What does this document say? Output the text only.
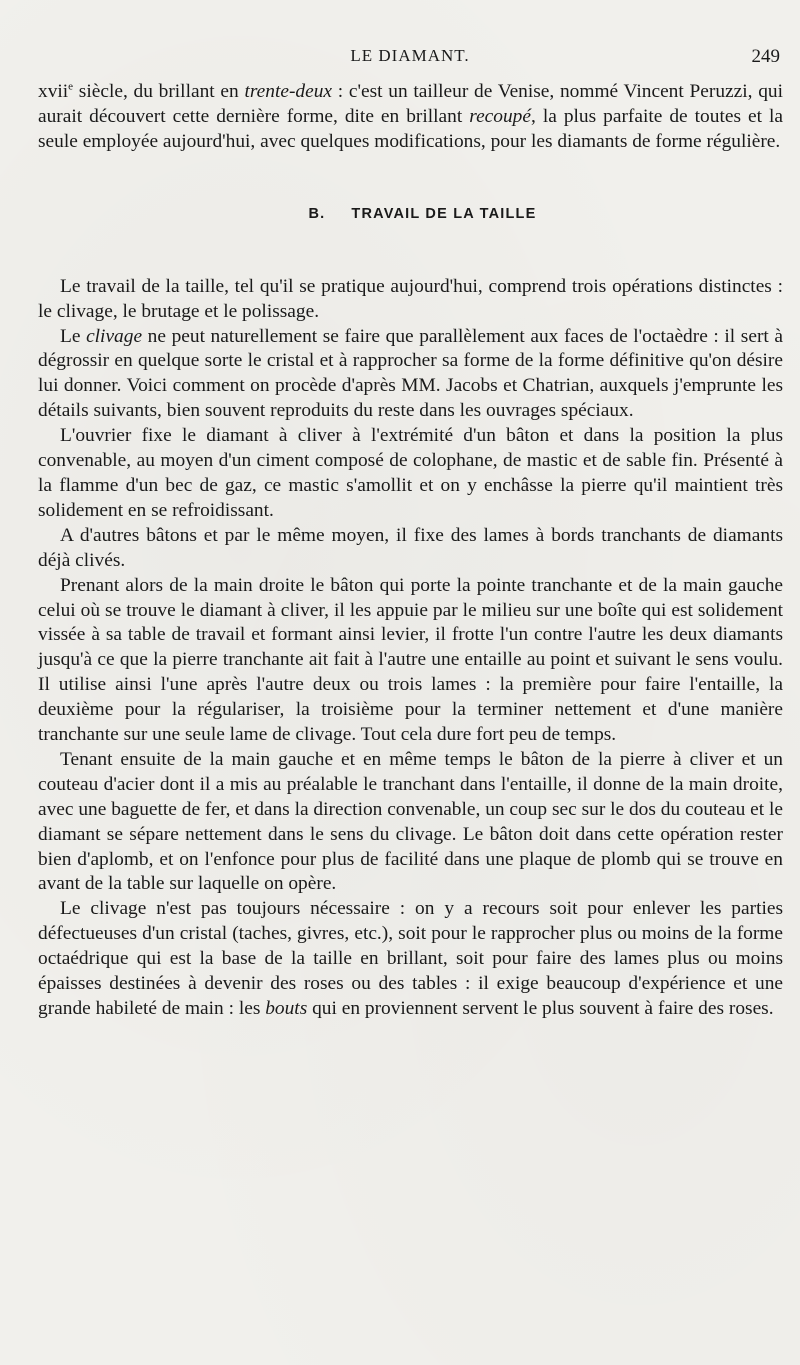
LE DIAMANT.	249

xvii$^e$ siècle, du brillant en trente-deux : c'est un tailleur de Venise, nommé Vincent Peruzzi, qui aurait découvert cette dernière forme, dite en brillant recoupé, la plus parfaite de toutes et la seule employée aujourd'hui, avec quelques modifications, pour les diamants de forme régulière.

B. TRAVAIL DE LA TAILLE

Le travail de la taille, tel qu'il se pratique aujourd'hui, comprend trois opérations distinctes : le clivage, le brutage et le polissage.

Le clivage ne peut naturellement se faire que parallèlement aux faces de l'octaèdre : il sert à dégrossir en quelque sorte le cristal et à rapprocher sa forme de la forme définitive qu'on désire lui donner. Voici comment on procède d'après MM. Jacobs et Chatrian, auxquels j'emprunte les détails suivants, bien souvent reproduits du reste dans les ouvrages spéciaux.

L'ouvrier fixe le diamant à cliver à l'extrémité d'un bâton et dans la position la plus convenable, au moyen d'un ciment composé de colophane, de mastic et de sable fin. Présenté à la flamme d'un bec de gaz, ce mastic s'amollit et on y enchâsse la pierre qu'il maintient très solidement en se refroidissant.

A d'autres bâtons et par le même moyen, il fixe des lames à bords tranchants de diamants déjà clivés.

Prenant alors de la main droite le bâton qui porte la pointe tranchante et de la main gauche celui où se trouve le diamant à cliver, il les appuie par le milieu sur une boîte qui est solidement vissée à sa table de travail et formant ainsi levier, il frotte l'un contre l'autre les deux diamants jusqu'à ce que la pierre tranchante ait fait à l'autre une entaille au point et suivant le sens voulu. Il utilise ainsi l'une après l'autre deux ou trois lames : la première pour faire l'entaille, la deuxième pour la régulariser, la troisième pour la terminer nettement et d'une manière tranchante sur une seule lame de clivage. Tout cela dure fort peu de temps.

Tenant ensuite de la main gauche et en même temps le bâton de la pierre à cliver et un couteau d'acier dont il a mis au préalable le tranchant dans l'entaille, il donne de la main droite, avec une baguette de fer, et dans la direction convenable, un coup sec sur le dos du couteau et le diamant se sépare nettement dans le sens du clivage. Le bâton doit dans cette opération rester bien d'aplomb, et on l'enfonce pour plus de facilité dans une plaque de plomb qui se trouve en avant de la table sur laquelle on opère.

Le clivage n'est pas toujours nécessaire : on y a recours soit pour enlever les parties défectueuses d'un cristal (taches, givres, etc.), soit pour le rapprocher plus ou moins de la forme octaédrique qui est la base de la taille en brillant, soit pour faire des lames plus ou moins épaisses destinées à devenir des roses ou des tables : il exige beaucoup d'expérience et une grande habileté de main : les bouts qui en proviennent servent le plus souvent à faire des roses.
